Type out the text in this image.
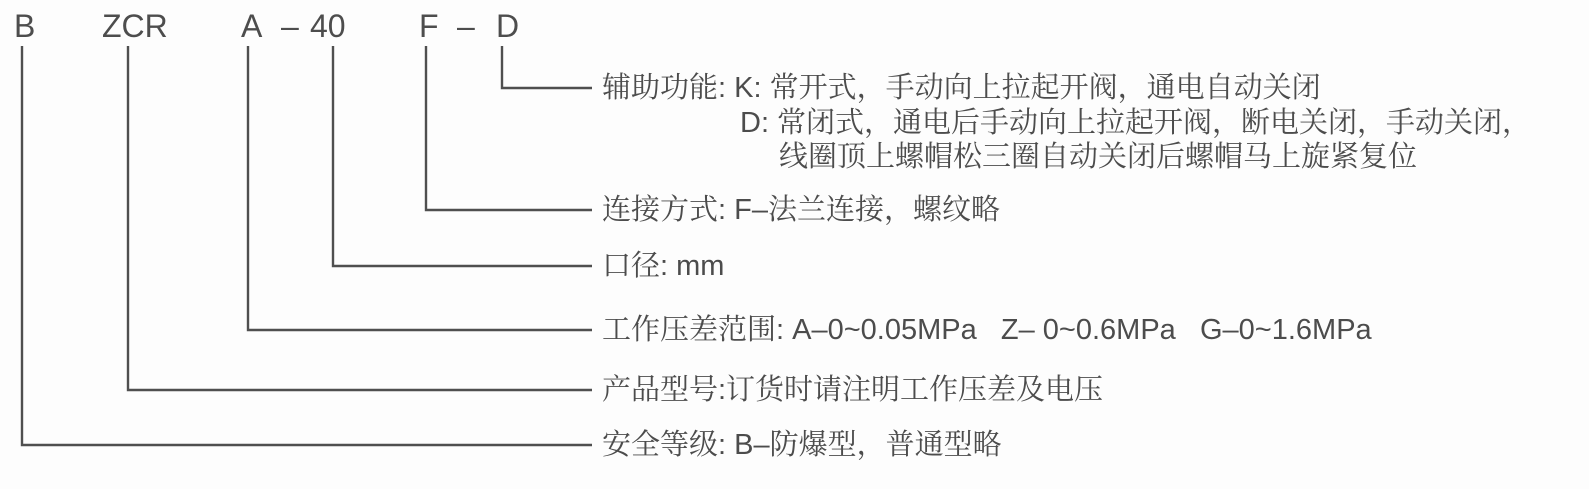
B ZCR A – 40 F – D
辅助功能: K: 常开式，手动向上拉起开阀，通电自动关闭
D: 常闭式，通电后手动向上拉起开阀，断电关闭，手动关闭，
线圈顶上螺帽松三圈自动关闭后螺帽马上旋紧复位
连接方式: F–法兰连接，螺纹略
口径: mm
工作压差范围: A–0~0.05MPa   Z– 0~0.6MPa   G–0~1.6MPa
产品型号:订货时请注明工作压差及电压
安全等级: B–防爆型，普通型略
